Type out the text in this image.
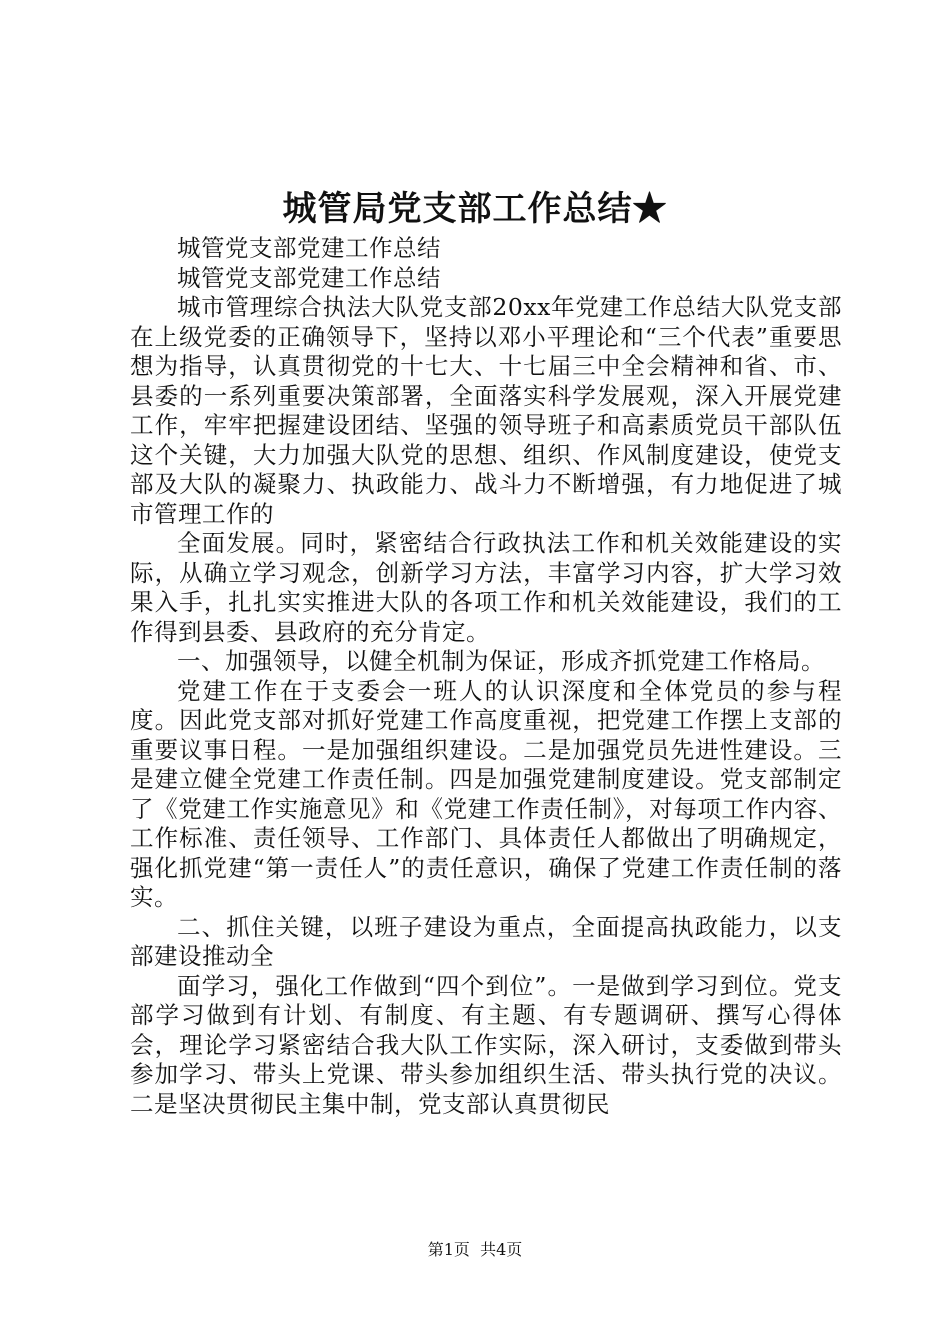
城管局党支部工作总结★

城管党支部党建工作总结

城管党支部党建工作总结

城市管理综合执法大队党支部20xx年党建工作总结大队党支部在上级党委的正确领导下，坚持以邓小平理论和“三个代表”重要思想为指导，认真贯彻党的十七大、十七届三中全会精神和省、市、县委的一系列重要决策部署，全面落实科学发展观，深入开展党建工作，牢牢把握建设团结、坚强的领导班子和高素质党员干部队伍这个关键，大力加强大队党的思想、组织、作风制度建设，使党支部及大队的凝聚力、执政能力、战斗力不断增强，有力地促进了城市管理工作的

全面发展。同时，紧密结合行政执法工作和机关效能建设的实际，从确立学习观念，创新学习方法，丰富学习内容，扩大学习效果入手，扎扎实实推进大队的各项工作和机关效能建设，我们的工作得到县委、县政府的充分肯定。

一、加强领导，以健全机制为保证，形成齐抓党建工作格局。

党建工作在于支委会一班人的认识深度和全体党员的参与程度。因此党支部对抓好党建工作高度重视，把党建工作摆上支部的重要议事日程。一是加强组织建设。二是加强党员先进性建设。三是建立健全党建工作责任制。四是加强党建制度建设。党支部制定了《党建工作实施意见》和《党建工作责任制》，对每项工作内容、工作标准、责任领导、工作部门、具体责任人都做出了明确规定，强化抓党建“第一责任人”的责任意识，确保了党建工作责任制的落实。

二、抓住关键，以班子建设为重点，全面提高执政能力，以支部建设推动全

面学习，强化工作做到“四个到位”。一是做到学习到位。党支部学习做到有计划、有制度、有主题、有专题调研、撰写心得体会，理论学习紧密结合我大队工作实际，深入研讨，支委做到带头参加学习、带头上党课、带头参加组织生活、带头执行党的决议。二是坚决贯彻民主集中制，党支部认真贯彻民

第1页 共4页
